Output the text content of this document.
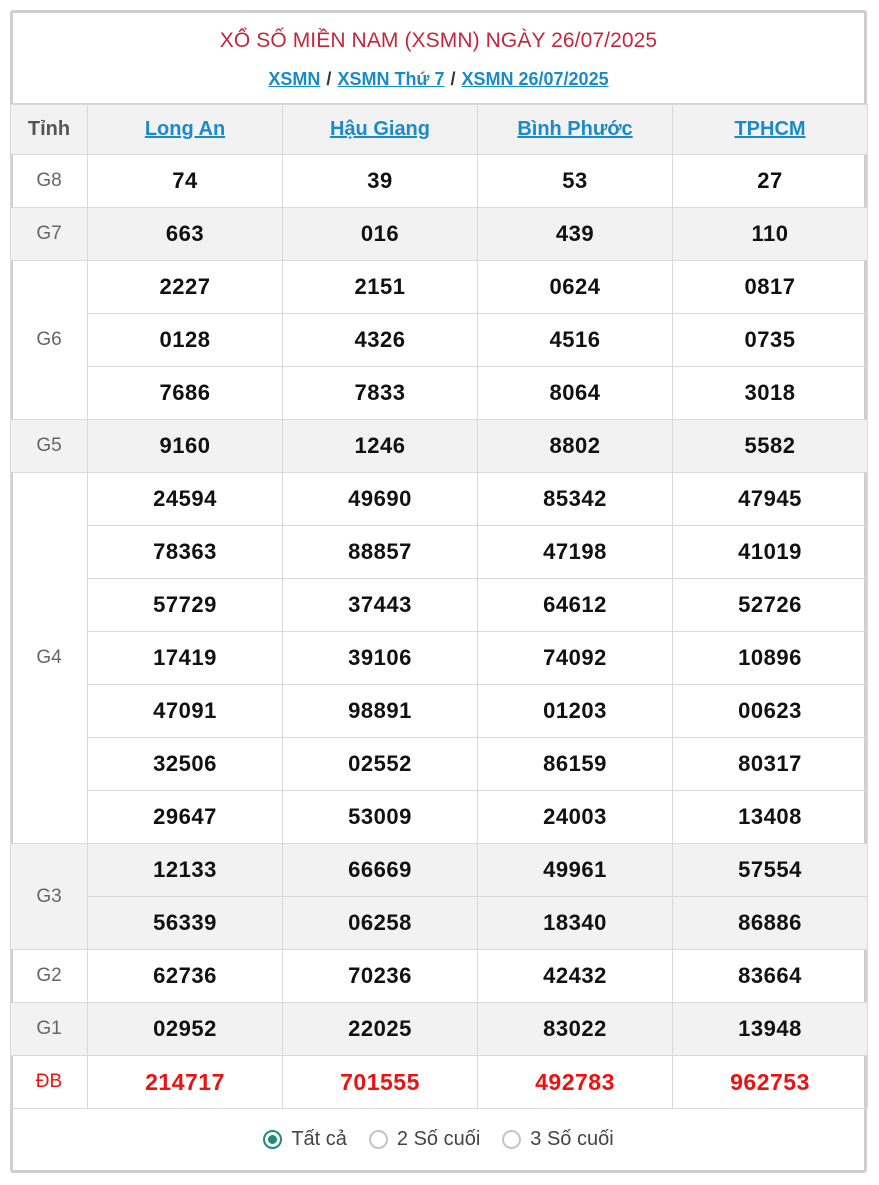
XỔ SỐ MIỀN NAM (XSMN) NGÀY 26/07/2025
XSMN / XSMN Thứ 7 / XSMN 26/07/2025
Tỉnh	Long An	Hậu Giang	Bình Phước	TPHCM
G8	74	39	53	27
G7	663	016	439	110
G6	2227	2151	0624	0817
	0128	4326	4516	0735
	7686	7833	8064	3018
G5	9160	1246	8802	5582
G4	24594	49690	85342	47945
	78363	88857	47198	41019
	57729	37443	64612	52726
	17419	39106	74092	10896
	47091	98891	01203	00623
	32506	02552	86159	80317
	29647	53009	24003	13408
G3	12133	66669	49961	57554
	56339	06258	18340	86886
G2	62736	70236	42432	83664
G1	02952	22025	83022	13948
ĐB	214717	701555	492783	962753
Tất cả	2 Số cuối	3 Số cuối
